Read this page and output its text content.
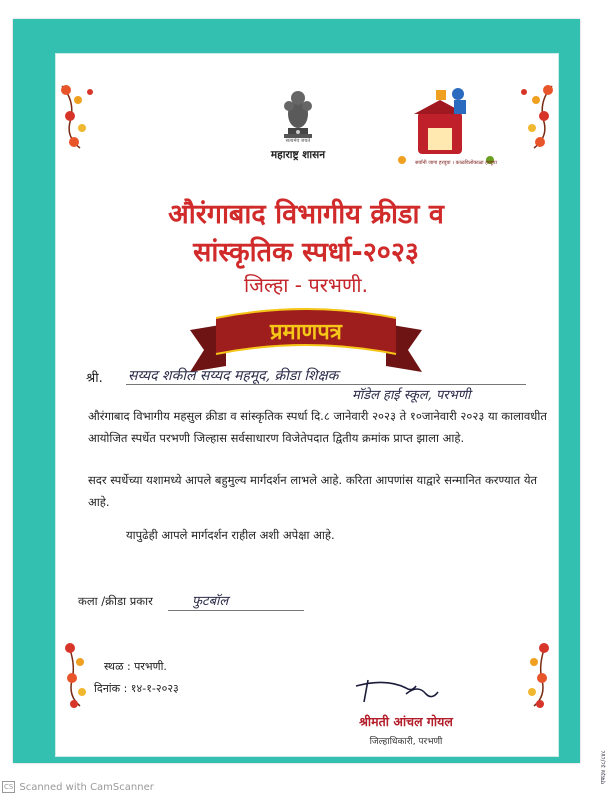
सत्यमेव जयते
महाराष्ट्र शासन
सर्वांनी जागा हरवूया । काळविलोकाळा हरवूया
औरंगाबाद विभागीय क्रीडा व
सांस्कृतिक स्पर्धा-२०२३
जिल्हा - परभणी.
प्रमाणपत्र
श्री. सय्यद शकील सय्यद महमूद, क्रीडा शिक्षक
मॉडेल हाई स्कूल, परभणी
औरंगाबाद विभागीय महसुल क्रीडा व सांस्कृतिक स्पर्धा दि.८ जानेवारी २०२३ ते १०जानेवारी २०२३ या कालावधीत आयोजित स्पर्धेत परभणी जिल्हास सर्वसाधारण विजेतेपदात द्वितीय क्रमांक प्राप्त झाला आहे.
सदर स्पर्धेच्या यशामध्ये आपले बहुमुल्य मार्गदर्शन लाभले आहे. करिता आपणांस याद्वारे सन्मानित करण्यात येत आहे.
यापुढेही आपले मार्गदर्शन राहील अशी अपेक्षा आहे.
कला /क्रीडा प्रकार	फुटबॉल
स्थळ : परभणी.
दिनांक : १४-१-२०२३
श्रीमती आंचल गोयल
जिल्हाधिकारी, परभणी
एफ३४ ३८/८४८
CS Scanned with CamScanner
